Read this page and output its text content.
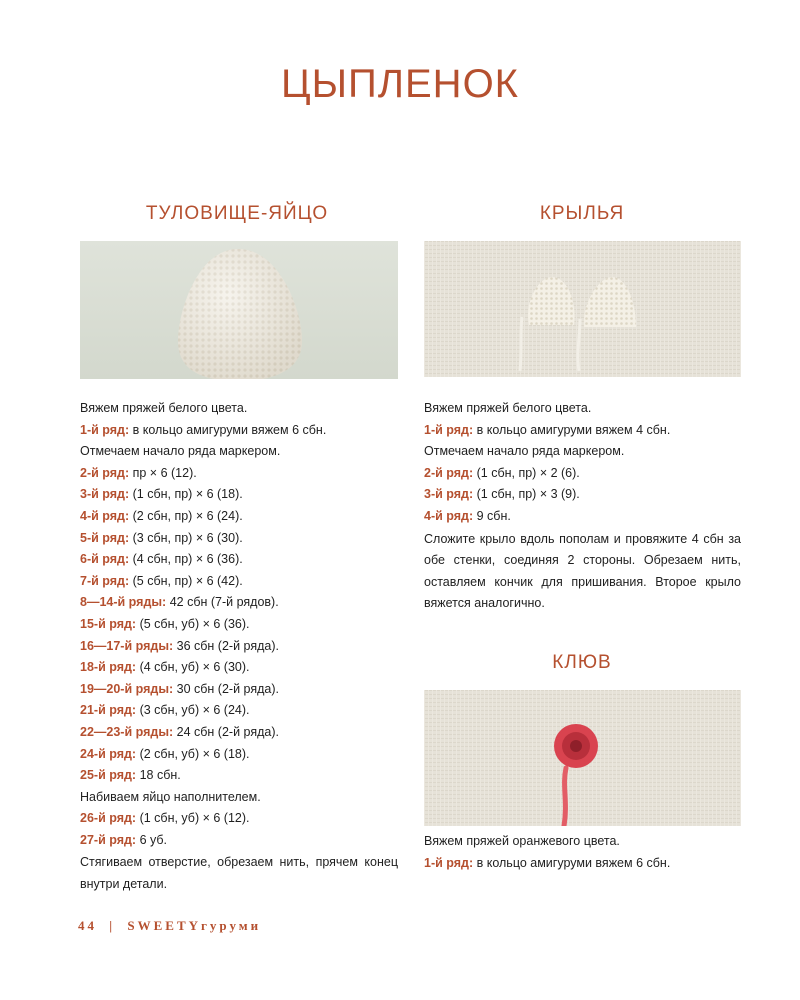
ЦЫПЛЕНОК
ТУЛОВИЩЕ-ЯЙЦО

Вяжем пряжей белого цвета.

1-й ряд: в кольцо амигуруми вяжем 6 сбн.

Отмечаем начало ряда маркером.

2-й ряд: пр × 6 (12).

3-й ряд: (1 сбн, пр) × 6 (18).

4-й ряд: (2 сбн, пр) × 6 (24).

5-й ряд: (3 сбн, пр) × 6 (30).

6-й ряд: (4 сбн, пр) × 6 (36).

7-й ряд: (5 сбн, пр) × 6 (42).

8—14-й ряды: 42 сбн (7-й рядов).

15-й ряд: (5 сбн, уб) × 6 (36).

16—17-й ряды: 36 сбн (2-й ряда).

18-й ряд: (4 сбн, уб) × 6 (30).

19—20-й ряды: 30 сбн (2-й ряда).

21-й ряд: (3 сбн, уб) × 6 (24).

22—23-й ряды: 24 сбн (2-й ряда).

24-й ряд: (2 сбн, уб) × 6 (18).

25-й ряд: 18 сбн.

Набиваем яйцо наполнителем.

26-й ряд: (1 сбн, уб) × 6 (12).

27-й ряд: 6 уб.

Стягиваем отверстие, обрезаем нить, прячем конец внутри детали.

КРЫЛЬЯ

Вяжем пряжей белого цвета.

1-й ряд: в кольцо амигуруми вяжем 4 сбн.

Отмечаем начало ряда маркером.

2-й ряд: (1 сбн, пр) × 2 (6).

3-й ряд: (1 сбн, пр) × 3 (9).

4-й ряд: 9 сбн.

Сложите крыло вдоль пополам и провяжите 4 сбн за обе стенки, соединяя 2 стороны. Обрезаем нить, оставляем кончик для пришивания. Второе крыло вяжется аналогично.

КЛЮВ

Вяжем пряжей оранжевого цвета.

1-й ряд: в кольцо амигуруми вяжем 6 сбн.

44 | SWEETYгуруми
